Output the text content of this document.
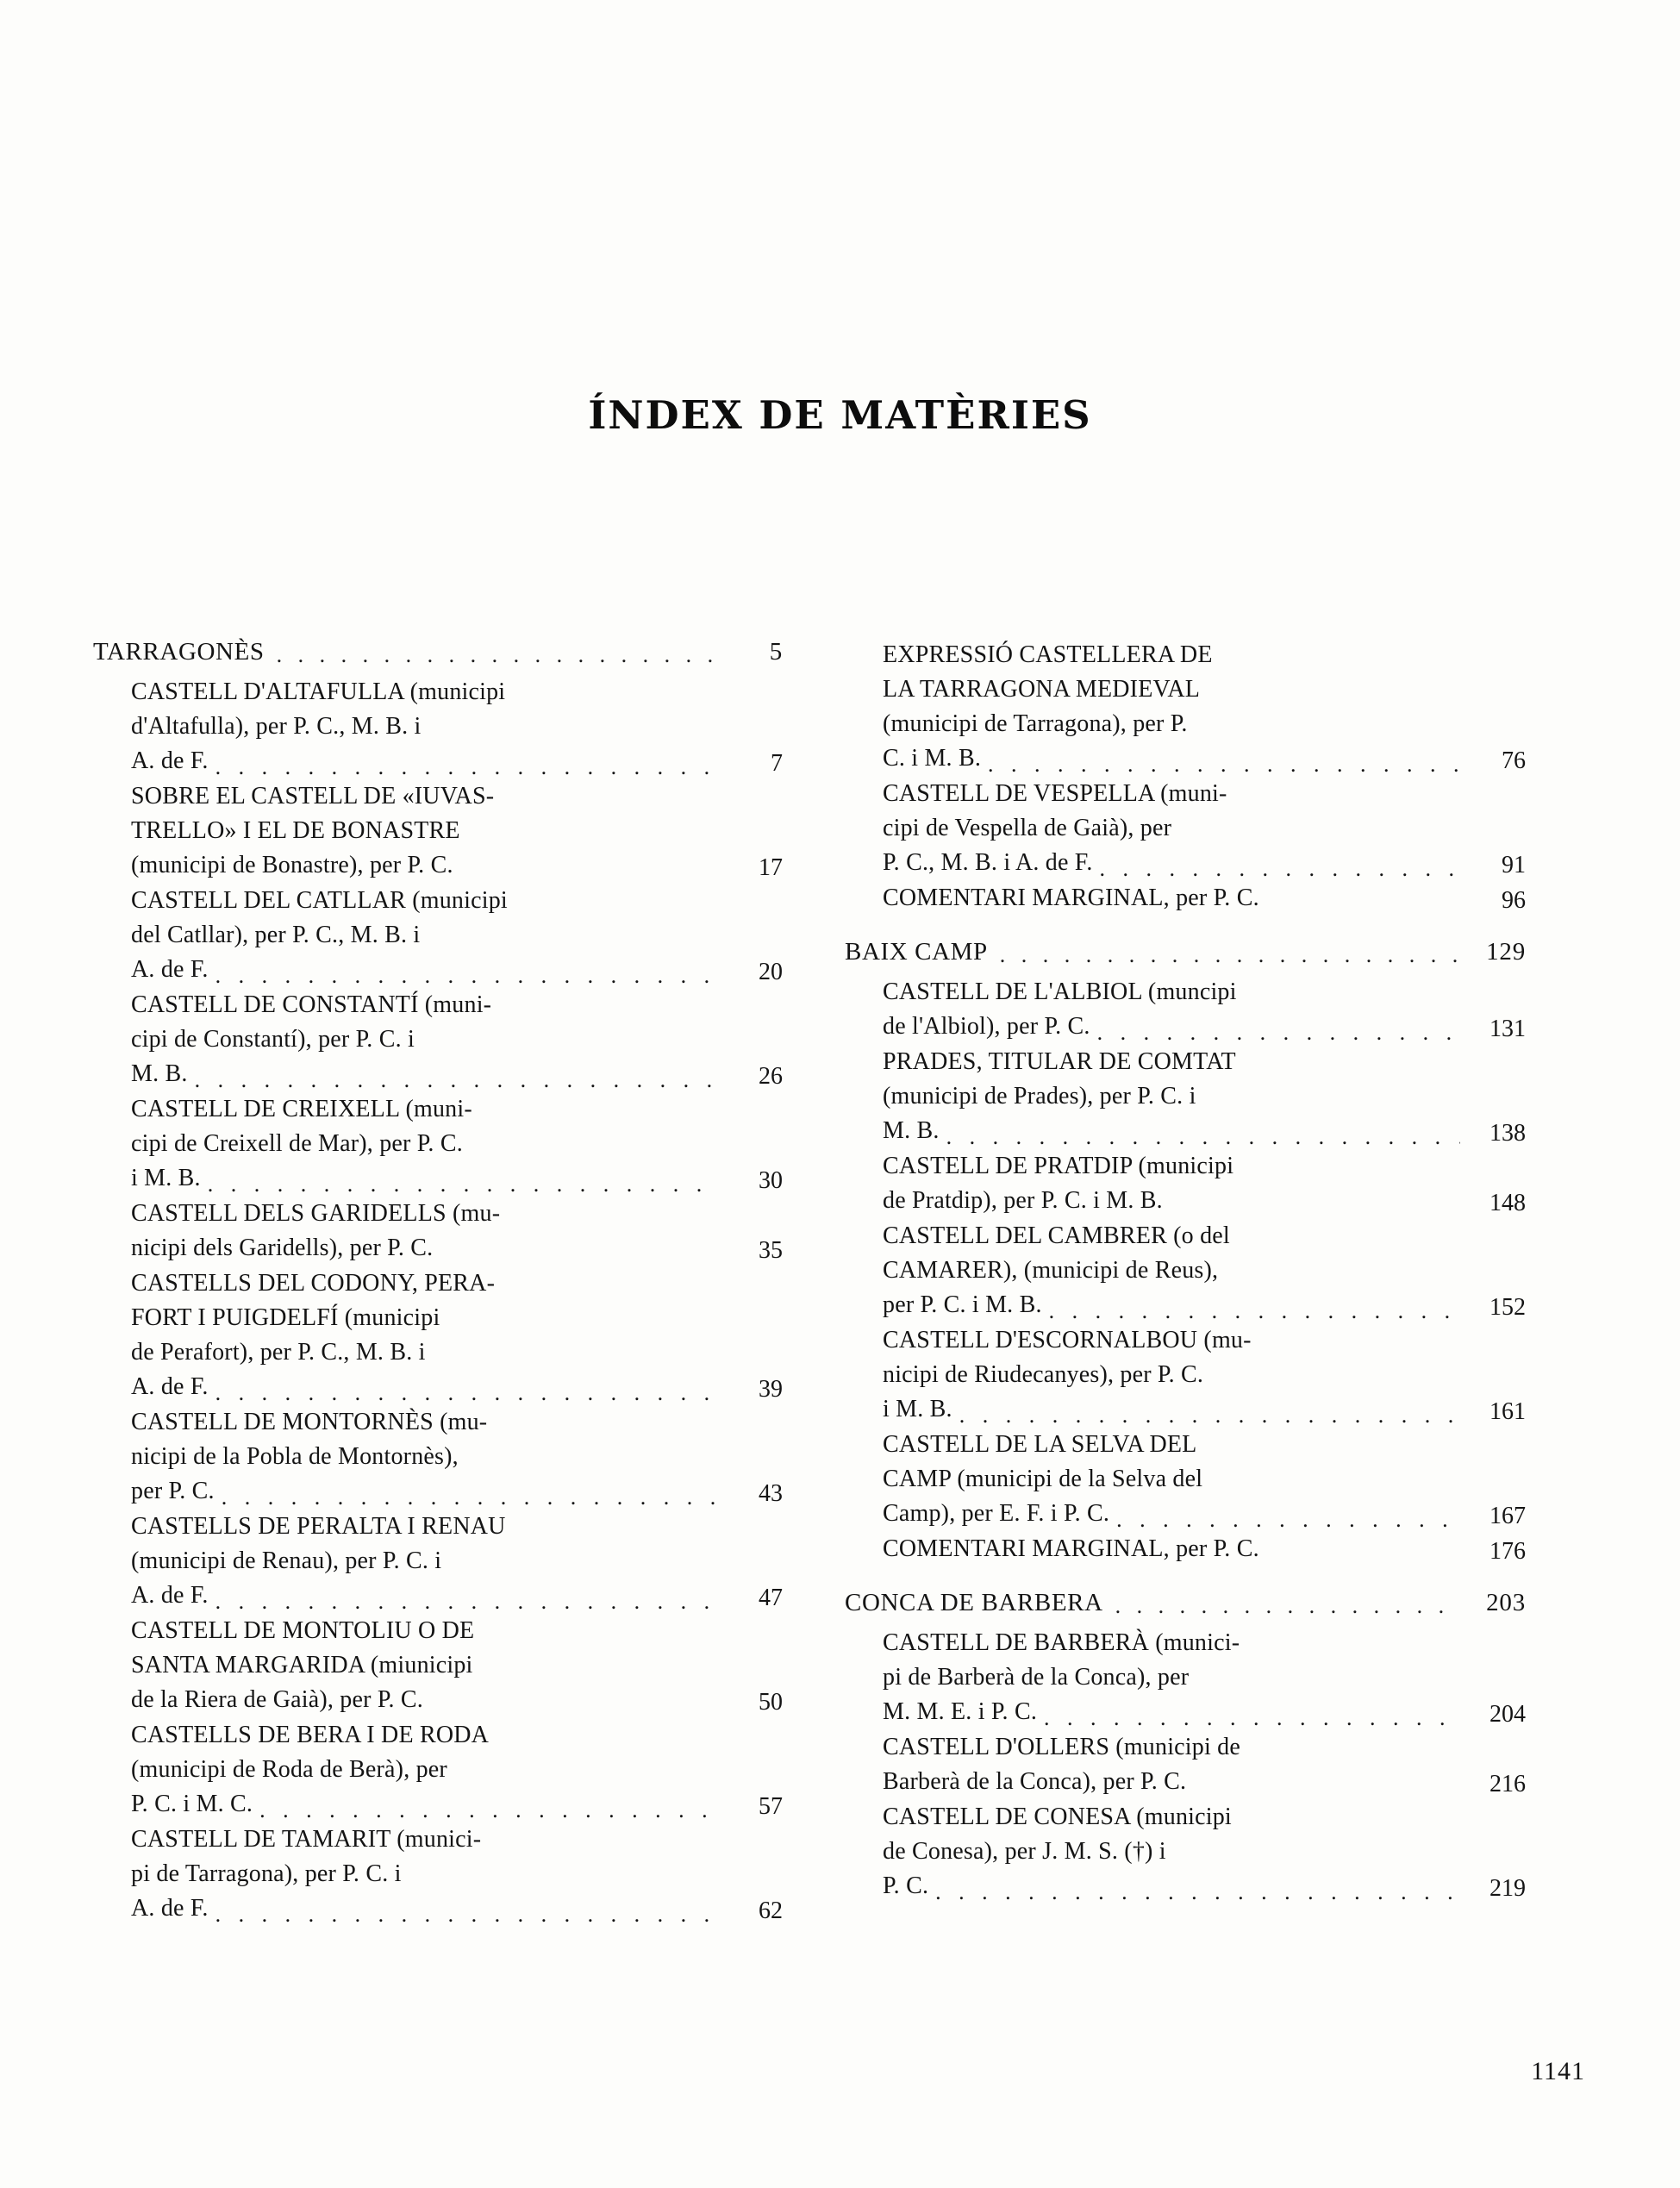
ÍNDEX DE MATÈRIES
TARRAGONÈS . . .	5
CASTELL D'ALTAFULLA (municipi
d'Altafulla), per P. C., M. B. i
A. de F. . . .	7
SOBRE EL CASTELL DE «IUVAS-
TRELLO» I EL DE BONASTRE
(municipi de Bonastre), per P. C.	17
CASTELL DEL CATLLAR (municipi
del Catllar), per P. C., M. B. i
A. de F. . . .	20
CASTELL DE CONSTANTÍ (muni-
cipi de Constantí), per P. C. i
M. B. . . .	26
CASTELL DE CREIXELL (muni-
cipi de Creixell de Mar), per P. C.
i M. B. . . .	30
CASTELL DELS GARIDELLS (mu-
nicipi dels Garidells), per P. C.	35
CASTELLS DEL CODONY, PERA-
FORT I PUIGDELFÍ (municipi
de Perafort), per P. C., M. B. i
A. de F. . . .	39
CASTELL DE MONTORNÈS (mu-
nicipi de la Pobla de Montornès),
per P. C. . . .	43
CASTELLS DE PERALTA I RENAU
(municipi de Renau), per P. C. i
A. de F. . . .	47
CASTELL DE MONTOLIU O DE
SANTA MARGARIDA (miunicipi
de la Riera de Gaià), per P. C.	50
CASTELLS DE BERA I DE RODA
(municipi de Roda de Berà), per
P. C. i M. C. . . .	57
CASTELL DE TAMARIT (munici-
pi de Tarragona), per P. C. i
A. de F. . . .	62
EXPRESSIÓ CASTELLERA DE
LA TARRAGONA MEDIEVAL
(municipi de Tarragona), per P.
C. i M. B. . . .	76
CASTELL DE VESPELLA (muni-
cipi de Vespella de Gaià), per
P. C., M. B. i A. de F. . . .	91
COMENTARI MARGINAL, per P. C.	96
BAIX CAMP . . .	129
CASTELL DE L'ALBIOL (muncipi
de l'Albiol), per P. C. . . .	131
PRADES, TITULAR DE COMTAT
(municipi de Prades), per P. C. i
M. B. . . .	138
CASTELL DE PRATDIP (municipi
de Pratdip), per P. C. i M. B.	148
CASTELL DEL CAMBRER (o del
CAMARER), (municipi de Reus),
per P. C. i M. B. . . .	152
CASTELL D'ESCORNALBOU (mu-
nicipi de Riudecanyes), per P. C.
i M. B. . . .	161
CASTELL DE LA SELVA DEL
CAMP (municipi de la Selva del
Camp), per E. F. i P. C. . . .	167
COMENTARI MARGINAL, per P. C.	176
CONCA DE BARBERA . . .	203
CASTELL DE BARBERÀ (munici-
pi de Barberà de la Conca), per
M. M. E. i P. C. . . .	204
CASTELL D'OLLERS (municipi de
Barberà de la Conca), per P. C.	216
CASTELL DE CONESA (municipi
de Conesa), per J. M. S. (†) i
P. C. . . .	219
1141
